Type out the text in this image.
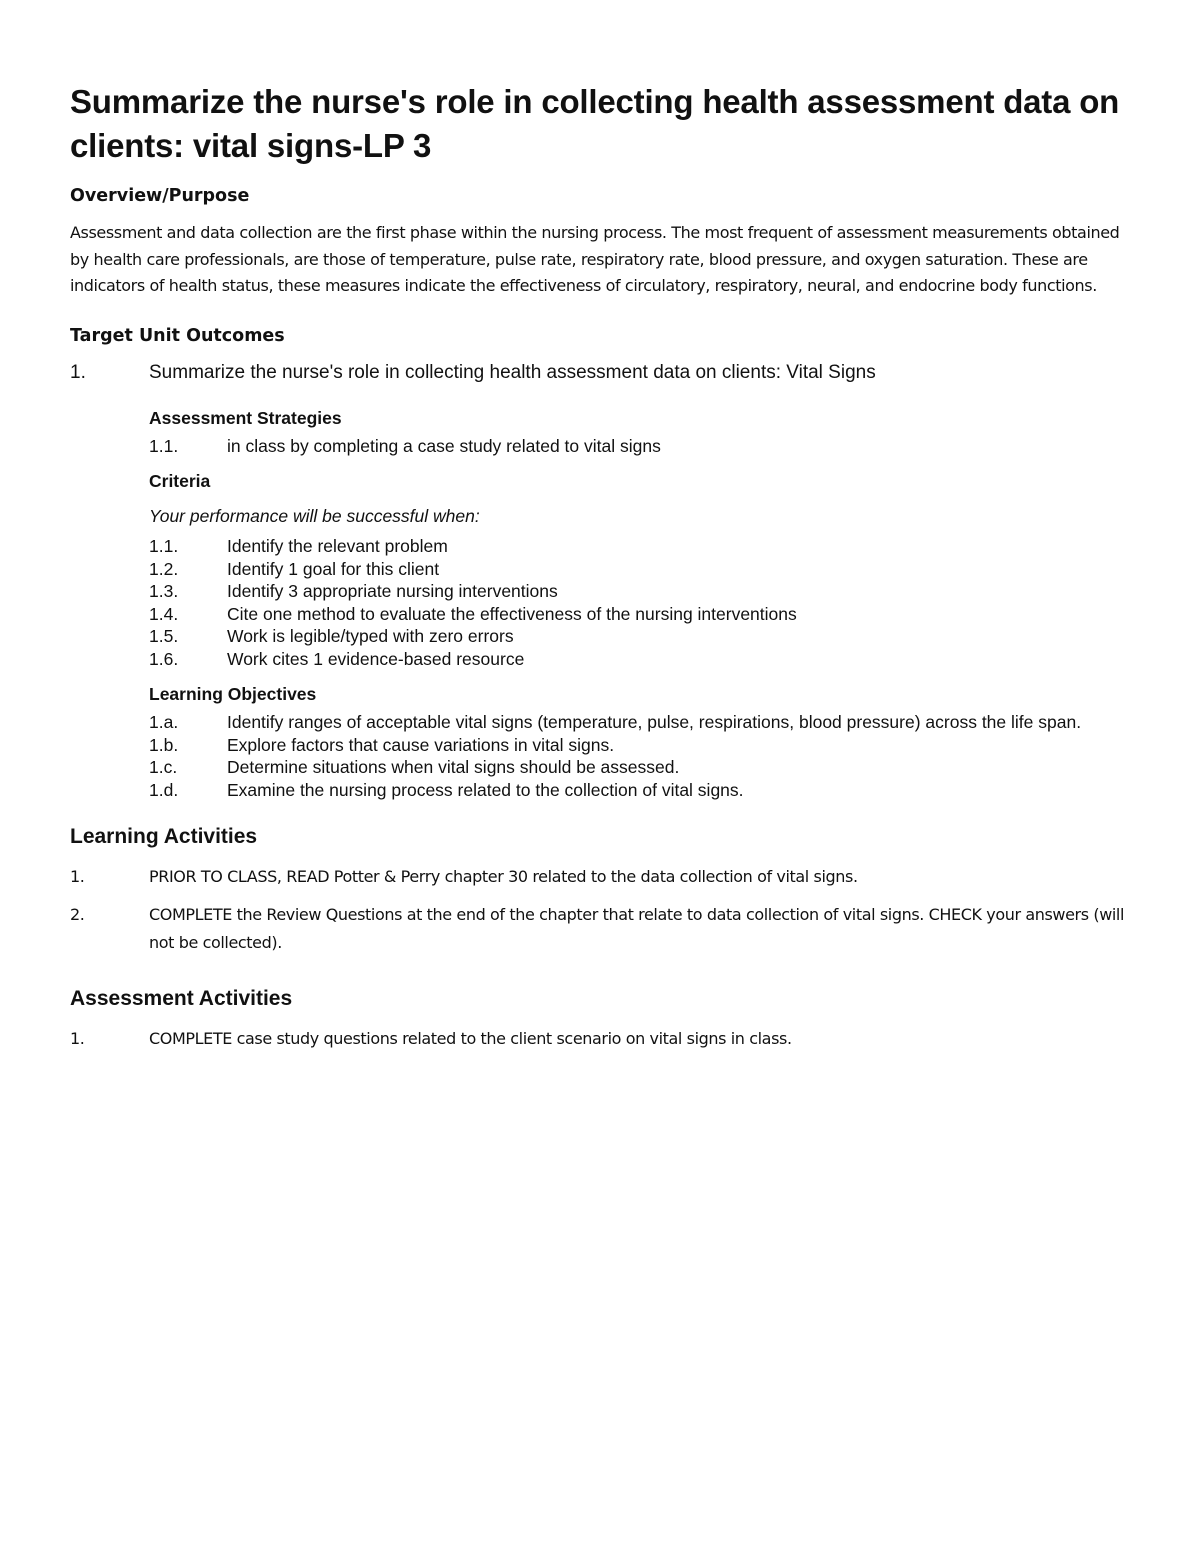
Summarize the nurse's role in collecting health assessment data on clients: vital signs-LP 3
Overview/Purpose

Assessment and data collection are the first phase within the nursing process. The most frequent of assessment measurements obtained by health care professionals, are those of temperature, pulse rate, respiratory rate, blood pressure, and oxygen saturation. These are indicators of health status, these measures indicate the effectiveness of circulatory, respiratory, neural, and endocrine body functions.

Target Unit Outcomes
1.	Summarize the nurse's role in collecting health assessment data on clients: Vital Signs
Assessment Strategies
1.1.	in class by completing a case study related to vital signs
Criteria
Your performance will be successful when:
1.1.	Identify the relevant problem
1.2.	Identify 1 goal for this client
1.3.	Identify 3 appropriate nursing interventions
1.4.	Cite one method to evaluate the effectiveness of the nursing interventions
1.5.	Work is legible/typed with zero errors
1.6.	Work cites 1 evidence-based resource
Learning Objectives
1.a.	Identify ranges of acceptable vital signs (temperature, pulse, respirations, blood pressure) across the life span.
1.b.	Explore factors that cause variations in vital signs.
1.c.	Determine situations when vital signs should be assessed.
1.d.	Examine the nursing process related to the collection of vital signs.
Learning Activities
1.	PRIOR TO CLASS, READ Potter & Perry chapter 30 related to the data collection of vital signs.
2.	COMPLETE the Review Questions at the end of the chapter that relate to data collection of vital signs. CHECK your answers (will not be collected).
Assessment Activities
1.	COMPLETE case study questions related to the client scenario on vital signs in class.
